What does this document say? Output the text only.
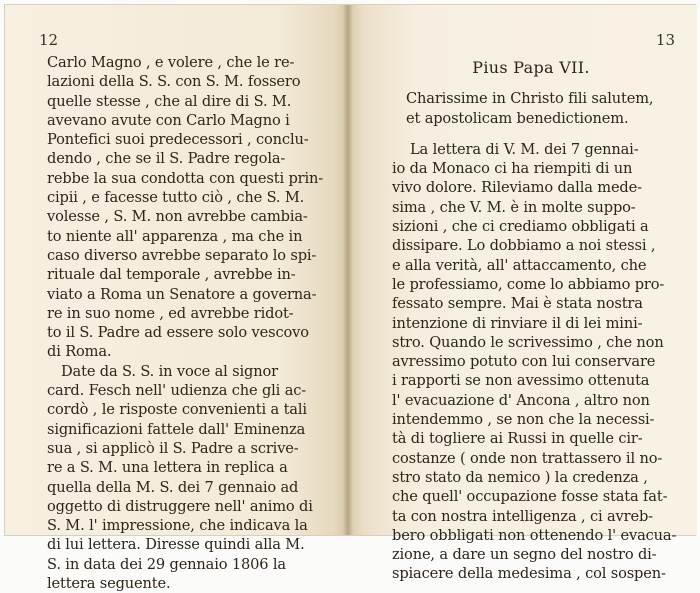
12
Carlo Magno , e volere , che le re-
lazioni della S. S. con S. M. fossero
quelle stesse , che al dire di S. M.
avevano avute con Carlo Magno i
Pontefici suoi predecessori , conclu-
dendo , che se il S. Padre regola-
rebbe la sua condotta con questi prin-
cipii , e facesse tutto ciò , che S. M.
volesse , S. M. non avrebbe cambia-
to niente all' apparenza , ma che in
caso diverso avrebbe separato lo spi-
rituale dal temporale , avrebbe in-
viato a Roma un Senatore a governa-
re in suo nome , ed avrebbe ridot-
to il S. Padre ad essere solo vescovo
di Roma.
Date da S. S. in voce al signor
card. Fesch nell' udienza che gli ac-
cordò , le risposte convenienti a tali
significazioni fattele dall' Eminenza
sua , si applicò il S. Padre a scrive-
re a S. M. una lettera in replica a
quella della M. S. dei 7 gennaio ad
oggetto di distruggere nell' animo di
S. M. l' impressione, che indicava la
di lui lettera. Diresse quindi alla M.
S. in data dei 29 gennaio 1806 la
lettera seguente.
13
Pius Papa VII.
Charissime in Christo fili salutem,
et apostolicam benedictionem.
La lettera di V. M. dei 7 gennai-
io da Monaco ci ha riempiti di un
vivo dolore. Rileviamo dalla mede-
sima , che V. M. è in molte suppo-
sizioni , che ci crediamo obbligati a
dissipare. Lo dobbiamo a noi stessi ,
e alla verità, all' attaccamento, che
le professiamo, come lo abbiamo pro-
fessato sempre. Mai è stata nostra
intenzione di rinviare il di lei mini-
stro. Quando le scrivessimo , che non
avressimo potuto con lui conservare
i rapporti se non avessimo ottenuta
l' evacuazione d' Ancona , altro non
intendemmo , se non che la necessi-
tà di togliere ai Russi in quelle cir-
costanze ( onde non trattassero il no-
stro stato da nemico ) la credenza ,
che quell' occupazione fosse stata fat-
ta con nostra intelligenza , ci avreb-
bero obbligati non ottenendo l' evacua-
zione, a dare un segno del nostro di-
spiacere della medesima , col sospen-
